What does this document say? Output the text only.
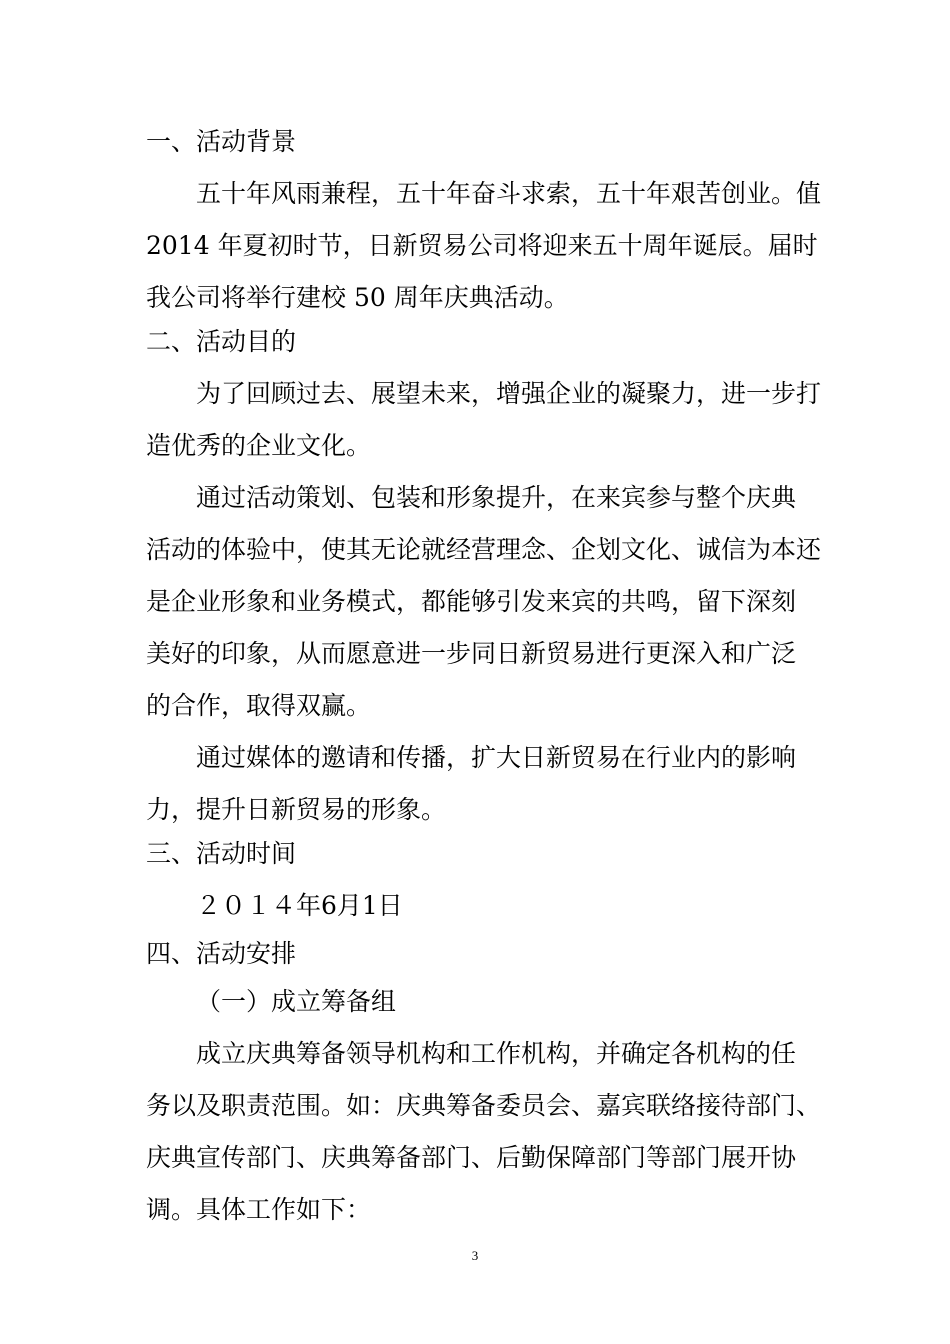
一、活动背景
五十年风雨兼程，五十年奋斗求索，五十年艰苦创业。值
2014 年夏初时节，日新贸易公司将迎来五十周年诞辰。届时
我公司将举行建校 50 周年庆典活动。
二、活动目的
为了回顾过去、展望未来，增强企业的凝聚力，进一步打
造优秀的企业文化。
通过活动策划、包装和形象提升，在来宾参与整个庆典
活动的体验中，使其无论就经营理念、企划文化、诚信为本还
是企业形象和业务模式，都能够引发来宾的共鸣，留下深刻
美好的印象，从而愿意进一步同日新贸易进行更深入和广泛
的合作，取得双赢。
通过媒体的邀请和传播，扩大日新贸易在行业内的影响
力，提升日新贸易的形象。
三、活动时间
２０１４年6月1日
四、活动安排
（一）成立筹备组
成立庆典筹备领导机构和工作机构，并确定各机构的任
务以及职责范围。如：庆典筹备委员会、嘉宾联络接待部门、
庆典宣传部门、庆典筹备部门、后勤保障部门等部门展开协
调。具体工作如下：
3
